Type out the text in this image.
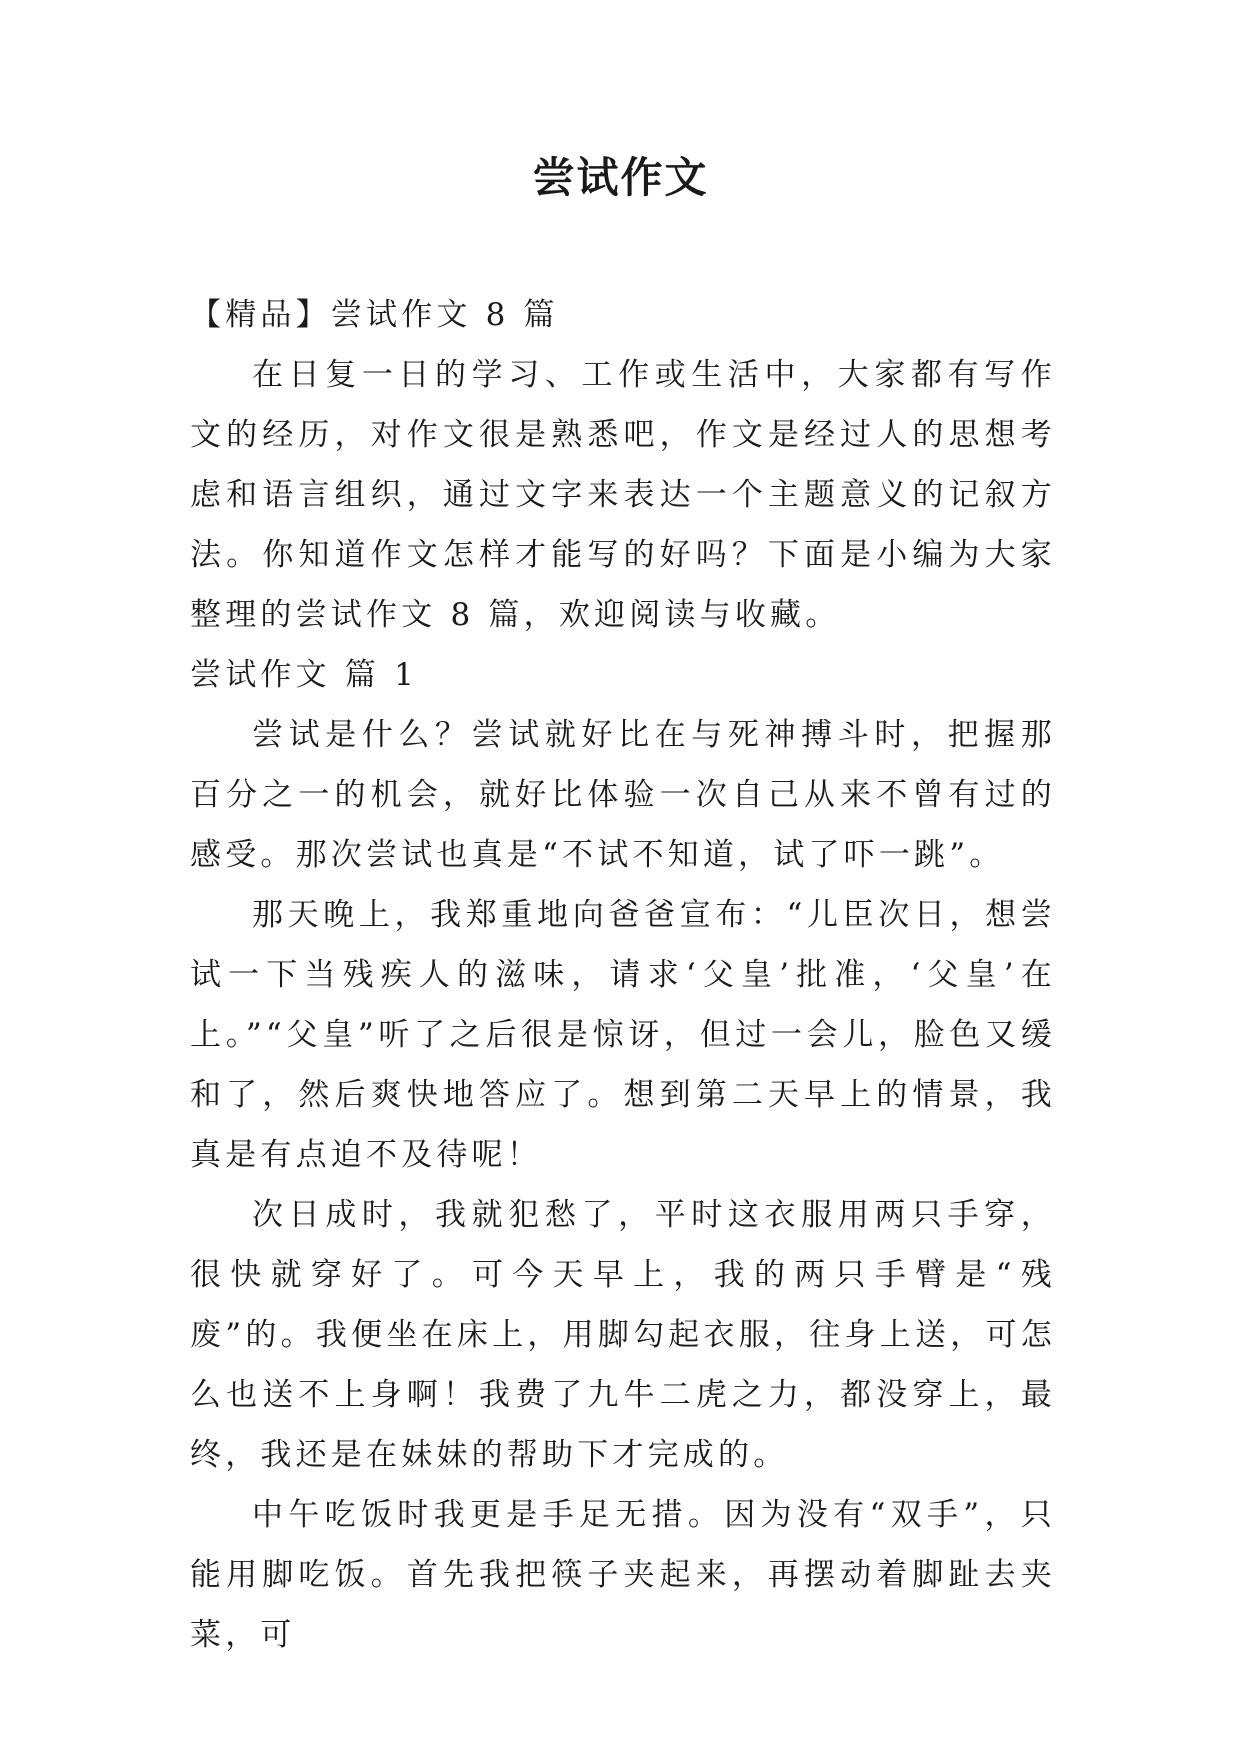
尝试作文

【精品】尝试作文 8 篇

在日复一日的学习、工作或生活中，大家都有写作文的经历，对作文很是熟悉吧，作文是经过人的思想考虑和语言组织，通过文字来表达一个主题意义的记叙方法。你知道作文怎样才能写的好吗？下面是小编为大家整理的尝试作文 8 篇，欢迎阅读与收藏。

尝试作文 篇 1

尝试是什么？尝试就好比在与死神搏斗时，把握那百分之一的机会，就好比体验一次自己从来不曾有过的感受。那次尝试也真是“不试不知道，试了吓一跳”。

那天晚上，我郑重地向爸爸宣布：“儿臣次日，想尝试一下当残疾人的滋味，请求‘父皇’批准，‘父皇’在上。”“父皇”听了之后很是惊讶，但过一会儿，脸色又缓和了，然后爽快地答应了。想到第二天早上的情景，我真是有点迫不及待呢！

次日成时，我就犯愁了，平时这衣服用两只手穿，很快就穿好了。可今天早上，我的两只手臂是“残废”的。我便坐在床上，用脚勾起衣服，往身上送，可怎么也送不上身啊！我费了九牛二虎之力，都没穿上，最终，我还是在妹妹的帮助下才完成的。

中午吃饭时我更是手足无措。因为没有“双手”，只能用脚吃饭。首先我把筷子夹起来，再摆动着脚趾去夹菜，可
